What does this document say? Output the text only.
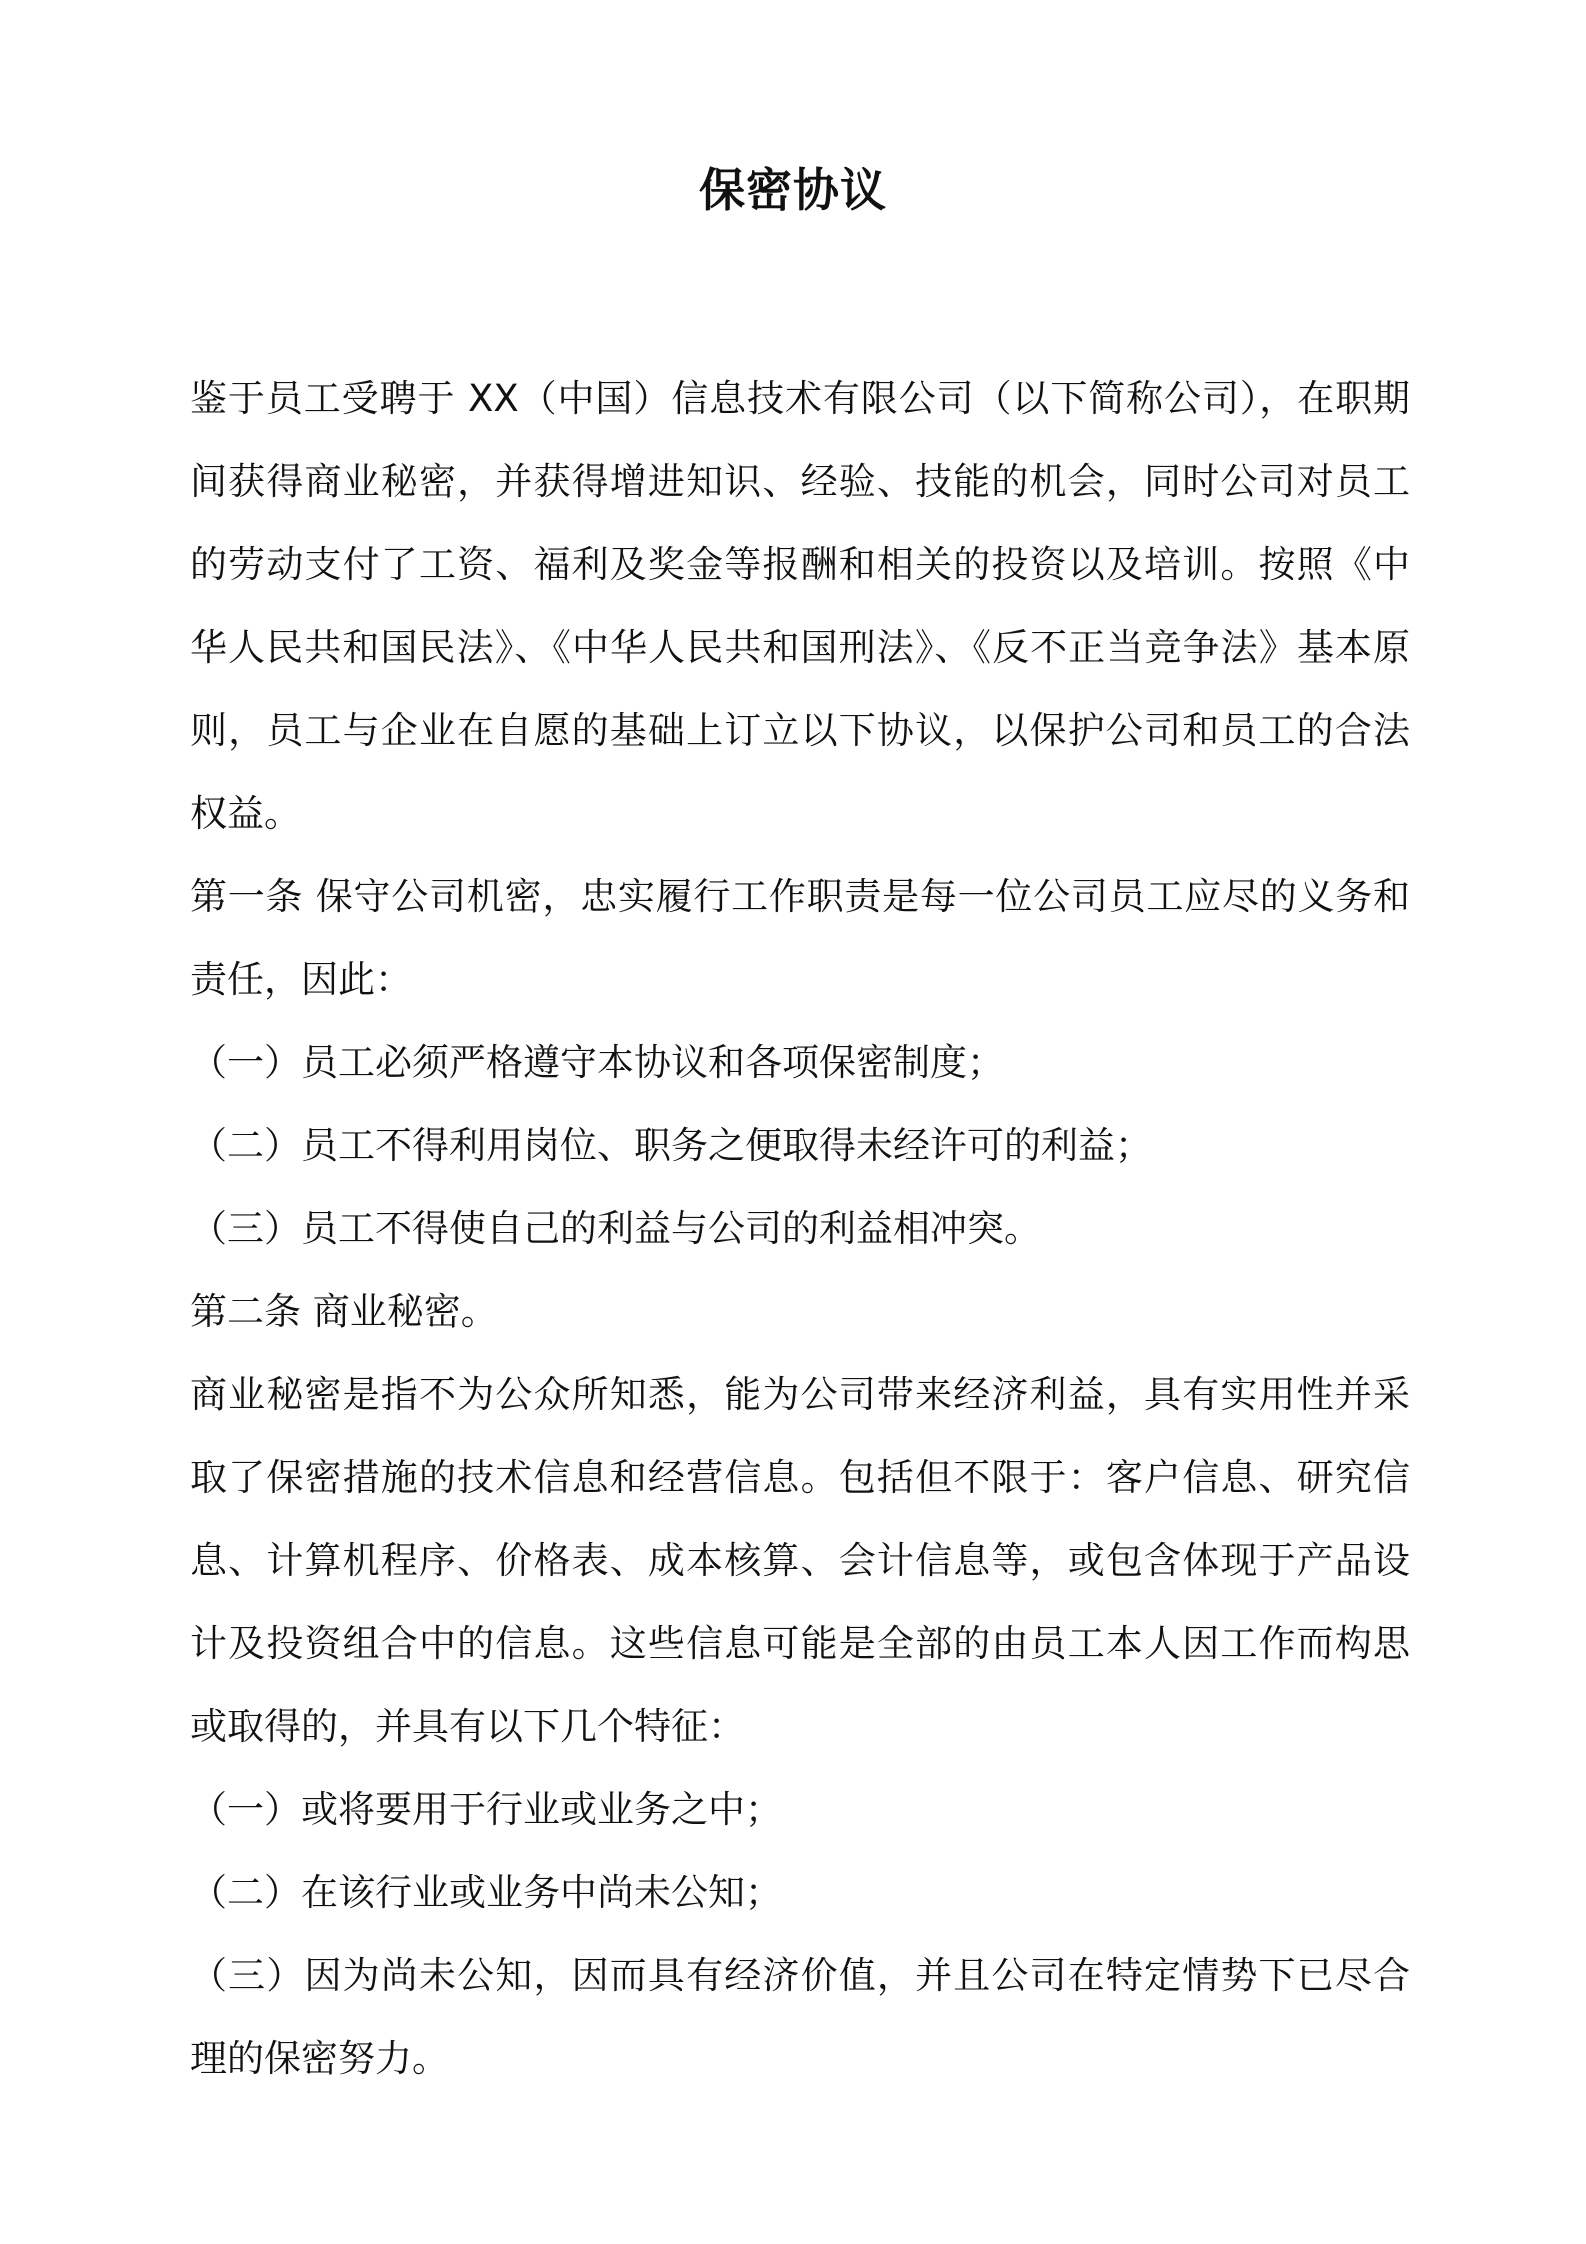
保密协议

鉴于员工受聘于 XX（中国）信息技术有限公司（以下简称公司），在职期间获得商业秘密，并获得增进知识、经验、技能的机会，同时公司对员工的劳动支付了工资、福利及奖金等报酬和相关的投资以及培训。按照《中华人民共和国民法》、《中华人民共和国刑法》、《反不正当竞争法》基本原则，员工与企业在自愿的基础上订立以下协议，以保护公司和员工的合法权益。

第一条 保守公司机密，忠实履行工作职责是每一位公司员工应尽的义务和责任，因此：

（一）员工必须严格遵守本协议和各项保密制度；

（二）员工不得利用岗位、职务之便取得未经许可的利益；

（三）员工不得使自己的利益与公司的利益相冲突。

第二条 商业秘密。

商业秘密是指不为公众所知悉，能为公司带来经济利益，具有实用性并采取了保密措施的技术信息和经营信息。包括但不限于：客户信息、研究信息、计算机程序、价格表、成本核算、会计信息等，或包含体现于产品设计及投资组合中的信息。这些信息可能是全部的由员工本人因工作而构思或取得的，并具有以下几个特征：

（一）或将要用于行业或业务之中；

（二）在该行业或业务中尚未公知；

（三）因为尚未公知，因而具有经济价值，并且公司在特定情势下已尽合理的保密努力。
